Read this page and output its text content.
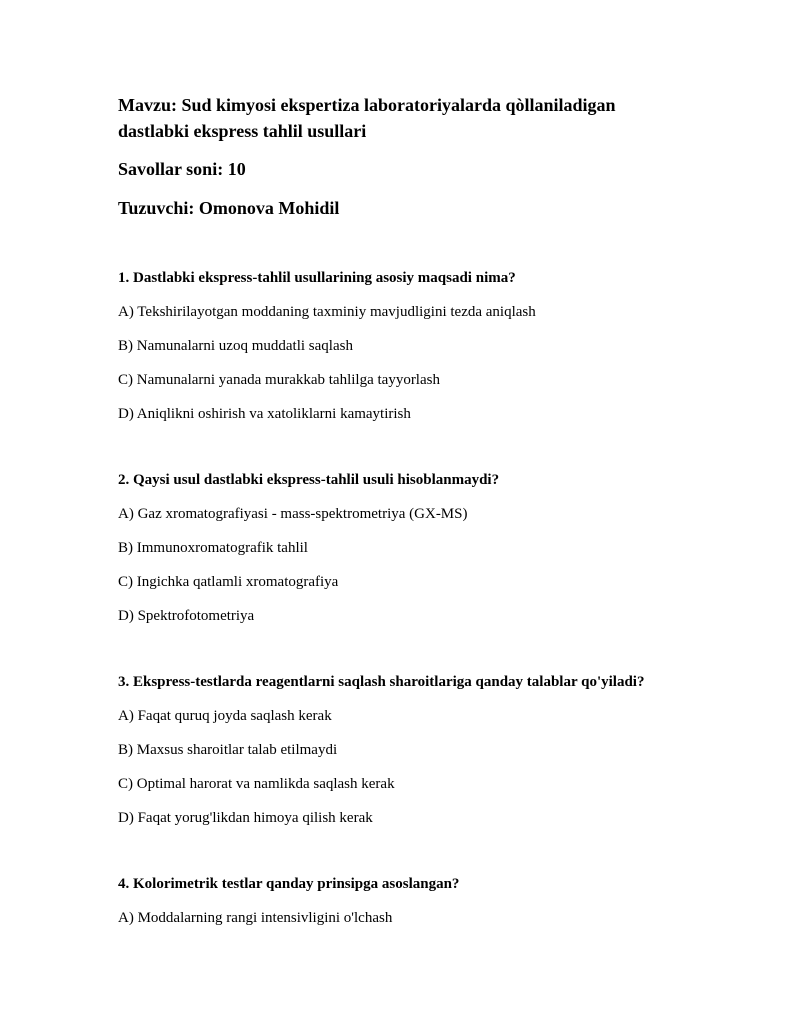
Mavzu: Sud kimyosi ekspertiza laboratoriyalarda qòllaniladigan
dastlabki ekspress tahlil usullari
Savollar soni: 10
Tuzuvchi: Omonova Mohidil
1. Dastlabki ekspress-tahlil usullarining asosiy maqsadi nima?
A) Tekshirilayotgan moddaning taxminiy mavjudligini tezda aniqlash
B) Namunalarni uzoq muddatli saqlash
C) Namunalarni yanada murakkab tahlilga tayyorlash
D) Aniqlikni oshirish va xatoliklarni kamaytirish
2. Qaysi usul dastlabki ekspress-tahlil usuli hisoblanmaydi?
A) Gaz xromatografiyasi - mass-spektrometriya (GX-MS)
B) Immunoxromatografik tahlil
C) Ingichka qatlamli xromatografiya
D) Spektrofotometriya
3. Ekspress-testlarda reagentlarni saqlash sharoitlariga qanday talablar qo'yiladi?
A) Faqat quruq joyda saqlash kerak
B) Maxsus sharoitlar talab etilmaydi
C) Optimal harorat va namlikda saqlash kerak
D) Faqat yorug'likdan himoya qilish kerak
4. Kolorimetrik testlar qanday prinsipga asoslangan?
A) Moddalarning rangi intensivligini o'lchash
